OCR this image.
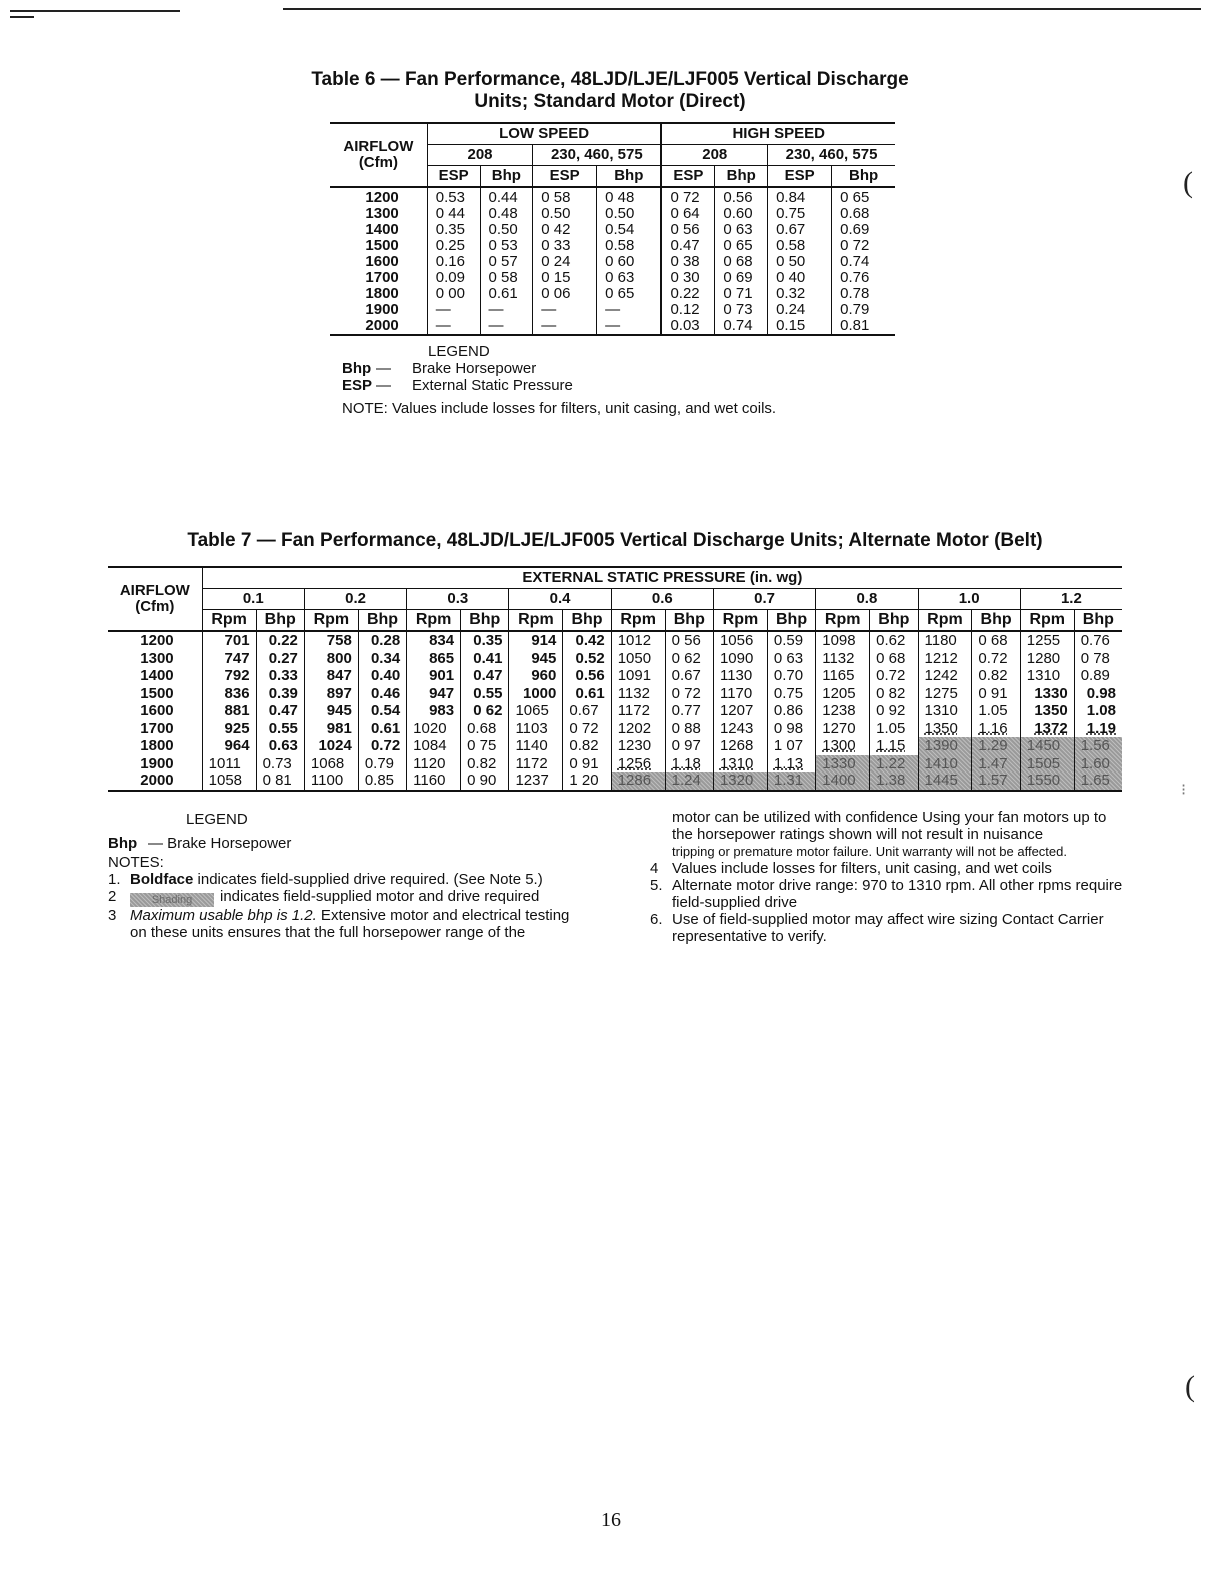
Table 6 — Fan Performance, 48LJD/LJE/LJF005 Vertical Discharge
Units; Standard Motor (Direct)
AIRFLOW
(Cfm)	LOW SPEED				HIGH SPEED			
	208		230, 460, 575		208		230, 460, 575	
	ESP	Bhp	ESP	Bhp	ESP	Bhp	ESP	Bhp
1200	0.53	0.44	0 58	0 48	0 72	0.56	0.84	0 65
1300	0 44	0.48	0.50	0.50	0 64	0.60	0.75	0.68
1400	0.35	0.50	0 42	0.54	0 56	0 63	0.67	0.69
1500	0.25	0 53	0 33	0.58	0.47	0 65	0.58	0 72
1600	0.16	0 57	0 24	0 60	0 38	0 68	0 50	0.74
1700	0.09	0 58	0 15	0 63	0 30	0 69	0 40	0.76
1800	0 00	0.61	0 06	0 65	0.22	0 71	0.32	0.78
1900	—	—	—	—	0.12	0 73	0.24	0.79
2000	—	—	—	—	0.03	0.74	0.15	0.81
LEGEND
Bhp —	Brake Horsepower
ESP —	External Static Pressure
NOTE: Values include losses for filters, unit casing, and wet coils.
Table 7 — Fan Performance, 48LJD/LJE/LJF005 Vertical Discharge Units; Alternate Motor (Belt)
AIRFLOW
(Cfm)	EXTERNAL STATIC PRESSURE (in. wg)																	
	0.1		0.2		0.3		0.4		0.6		0.7		0.8		1.0		1.2	
	Rpm	Bhp	Rpm	Bhp	Rpm	Bhp	Rpm	Bhp	Rpm	Bhp	Rpm	Bhp	Rpm	Bhp	Rpm	Bhp	Rpm	Bhp
1200	701	0.22	758	0.28	834	0.35	914	0.42	1012	0 56	1056	0.59	1098	0.62	1180	0 68	1255	0.76
1300	747	0.27	800	0.34	865	0.41	945	0.52	1050	0 62	1090	0 63	1132	0 68	1212	0.72	1280	0 78
1400	792	0.33	847	0.40	901	0.47	960	0.56	1091	0.67	1130	0.70	1165	0.72	1242	0.82	1310	0.89
1500	836	0.39	897	0.46	947	0.55	1000	0.61	1132	0 72	1170	0.75	1205	0 82	1275	0 91	1330	0.98
1600	881	0.47	945	0.54	983	0 62	1065	0.67	1172	0.77	1207	0.86	1238	0 92	1310	1.05	1350	1.08
1700	925	0.55	981	0.61	1020	0.68	1103	0 72	1202	0 88	1243	0 98	1270	1.05	1350	1.16	1372	1.19
1800	964	0.63	1024	0.72	1084	0 75	1140	0.82	1230	0 97	1268	1 07	1300	1.15	1390	1.29	1450	1.56
1900	1011	0.73	1068	0.79	1120	0.82	1172	0 91	1256	1.18	1310	1.13	1330	1.22	1410	1.47	1505	1.60
2000	1058	0 81	1100	0.85	1160	0 90	1237	1 20	1286	1.24	1320	1.31	1400	1.38	1445	1.57	1550	1.65
LEGEND
Bhp — Brake Horsepower
NOTES:
1. Boldface indicates field-supplied drive required. (See Note 5.)
2	Shading indicates field-supplied motor and drive required
3 Maximum usable bhp is 1.2. Extensive motor and electrical testing on these units ensures that the full horsepower range of the
motor can be utilized with confidence Using your fan motors up to the horsepower ratings shown will not result in nuisance
tripping or premature motor failure. Unit warranty will not be affected.
4 Values include losses for filters, unit casing, and wet coils
5. Alternate motor drive range: 970 to 1310 rpm. All other rpms require field-supplied drive
6. Use of field-supplied motor may affect wire sizing Contact Carrier representative to verify.
(
⁝
(
16
